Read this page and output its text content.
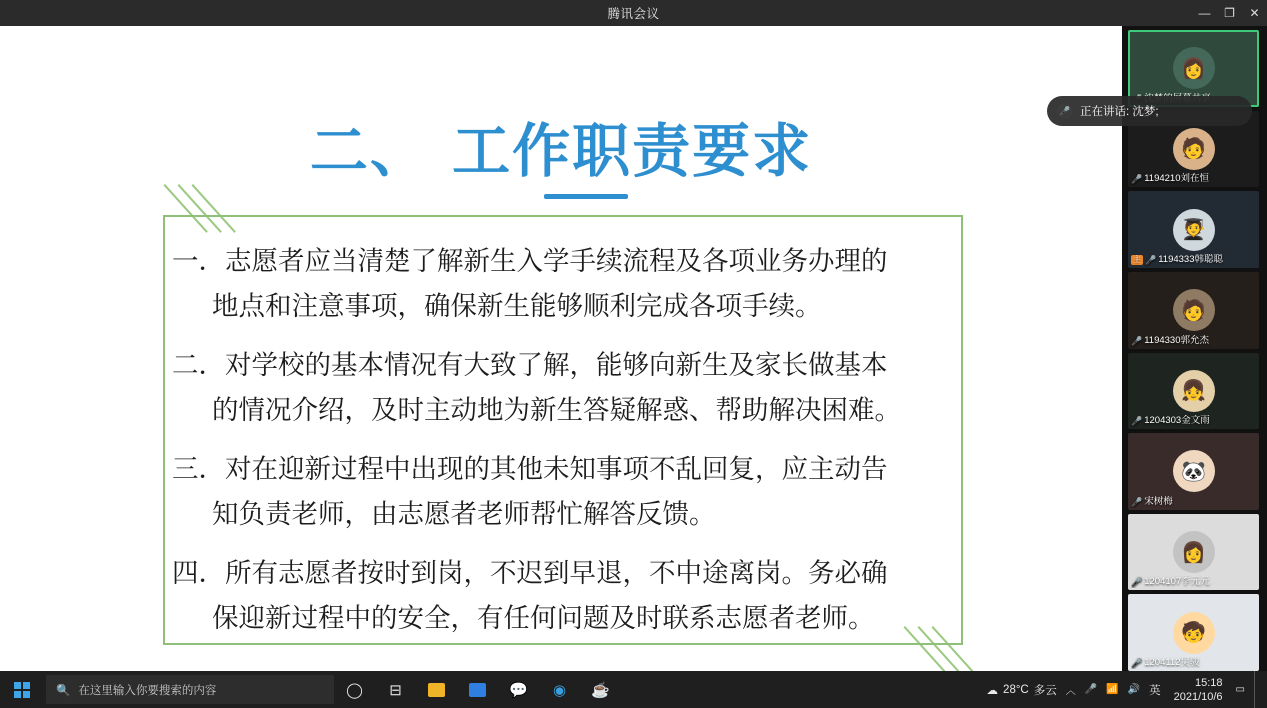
腾讯会议	—	❐	✕
二、 工作职责要求
一．志愿者应当清楚了解新生入学手续流程及各项业务办理的
地点和注意事项，确保新生能够顺利完成各项手续。
二．对学校的基本情况有大致了解，能够向新生及家长做基本
的情况介绍，及时主动地为新生答疑解惑、帮助解决困难。
三．对在迎新过程中出现的其他未知事项不乱回复，应主动告
知负责老师，由志愿者老师帮忙解答反馈。
四．所有志愿者按时到岗，不迟到早退，不中途离岗。务必确
保迎新过程中的安全，有任何问题及时联系志愿者老师。
👩
🧑
🎤 1194210刘在恒
🧑‍🎓
主 🎤 1194333韩聪聪
🧑
🎤 1194330郭允杰
👧
🎤 1204303金文雨
🐼
🎤 宋树梅
👩
🎤 1204107李元元
🧒
🎤 1204112吴骏
🎤 正在讲话: 沈梦;
🔍 在这里输入你要搜索的内容	◯	⊟	💬	◉	☕	☁ 28°C 多云 ︿ 🎤 📶 🔊 英
15:18
2021/10/6
▭
